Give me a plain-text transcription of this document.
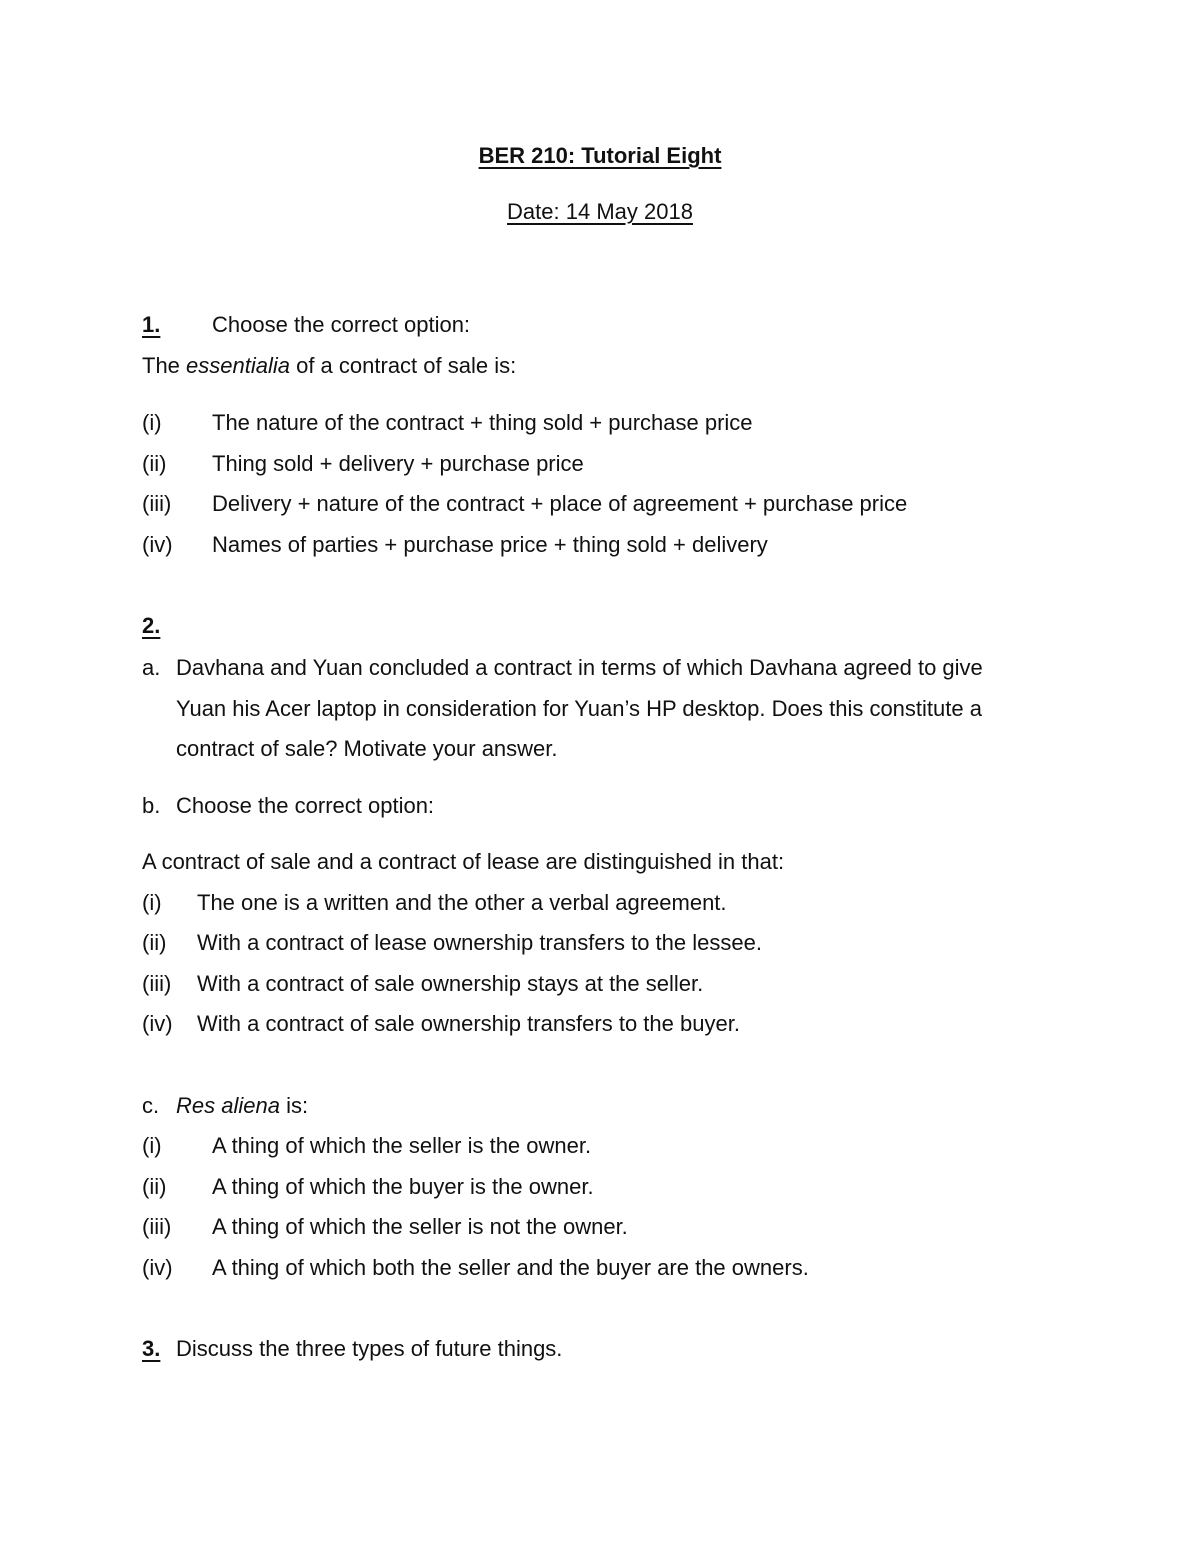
BER 210: Tutorial Eight
Date: 14 May 2018
1. Choose the correct option:
The essentialia of a contract of sale is:
(i) The nature of the contract + thing sold + purchase price
(ii) Thing sold + delivery + purchase price
(iii) Delivery + nature of the contract + place of agreement + purchase price
(iv) Names of parties + purchase price + thing sold + delivery
2.
a. Davhana and Yuan concluded a contract in terms of which Davhana agreed to give
Yuan his Acer laptop in consideration for Yuan’s HP desktop. Does this constitute a
contract of sale? Motivate your answer.
b. Choose the correct option:
A contract of sale and a contract of lease are distinguished in that:
(i) The one is a written and the other a verbal agreement.
(ii) With a contract of lease ownership transfers to the lessee.
(iii) With a contract of sale ownership stays at the seller.
(iv) With a contract of sale ownership transfers to the buyer.
c. Res aliena is:
(i) A thing of which the seller is the owner.
(ii) A thing of which the buyer is the owner.
(iii) A thing of which the seller is not the owner.
(iv) A thing of which both the seller and the buyer are the owners.
3. Discuss the three types of future things.
